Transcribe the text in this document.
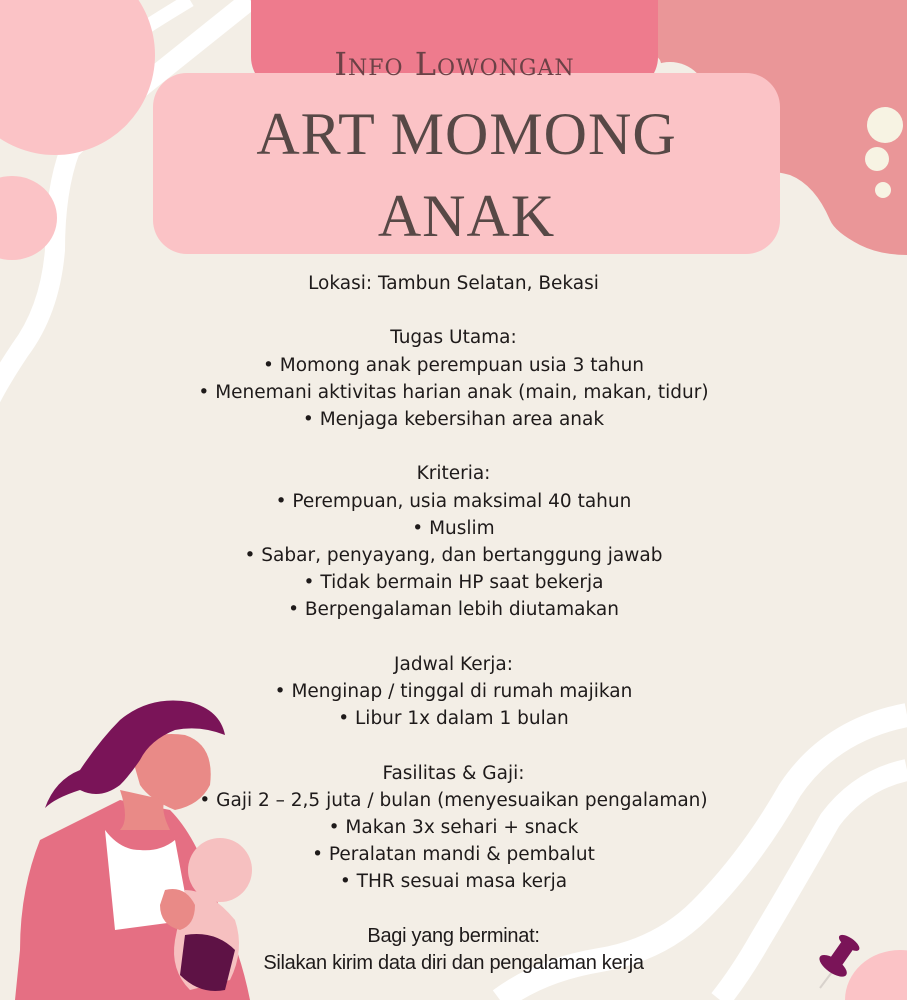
Info Lowongan
ART MOMONG
ANAK
Lokasi: Tambun Selatan, Bekasi
Tugas Utama:
• Momong anak perempuan usia 3 tahun
• Menemani aktivitas harian anak (main, makan, tidur)
• Menjaga kebersihan area anak
Kriteria:
• Perempuan, usia maksimal 40 tahun
• Muslim
• Sabar, penyayang, dan bertanggung jawab
• Tidak bermain HP saat bekerja
• Berpengalaman lebih diutamakan
Jadwal Kerja:
• Menginap / tinggal di rumah majikan
• Libur 1x dalam 1 bulan
Fasilitas & Gaji:
• Gaji 2 – 2,5 juta / bulan (menyesuaikan pengalaman)
• Makan 3x sehari + snack
• Peralatan mandi & pembalut
• THR sesuai masa kerja
Bagi yang berminat:
Silakan kirim data diri dan pengalaman kerja
